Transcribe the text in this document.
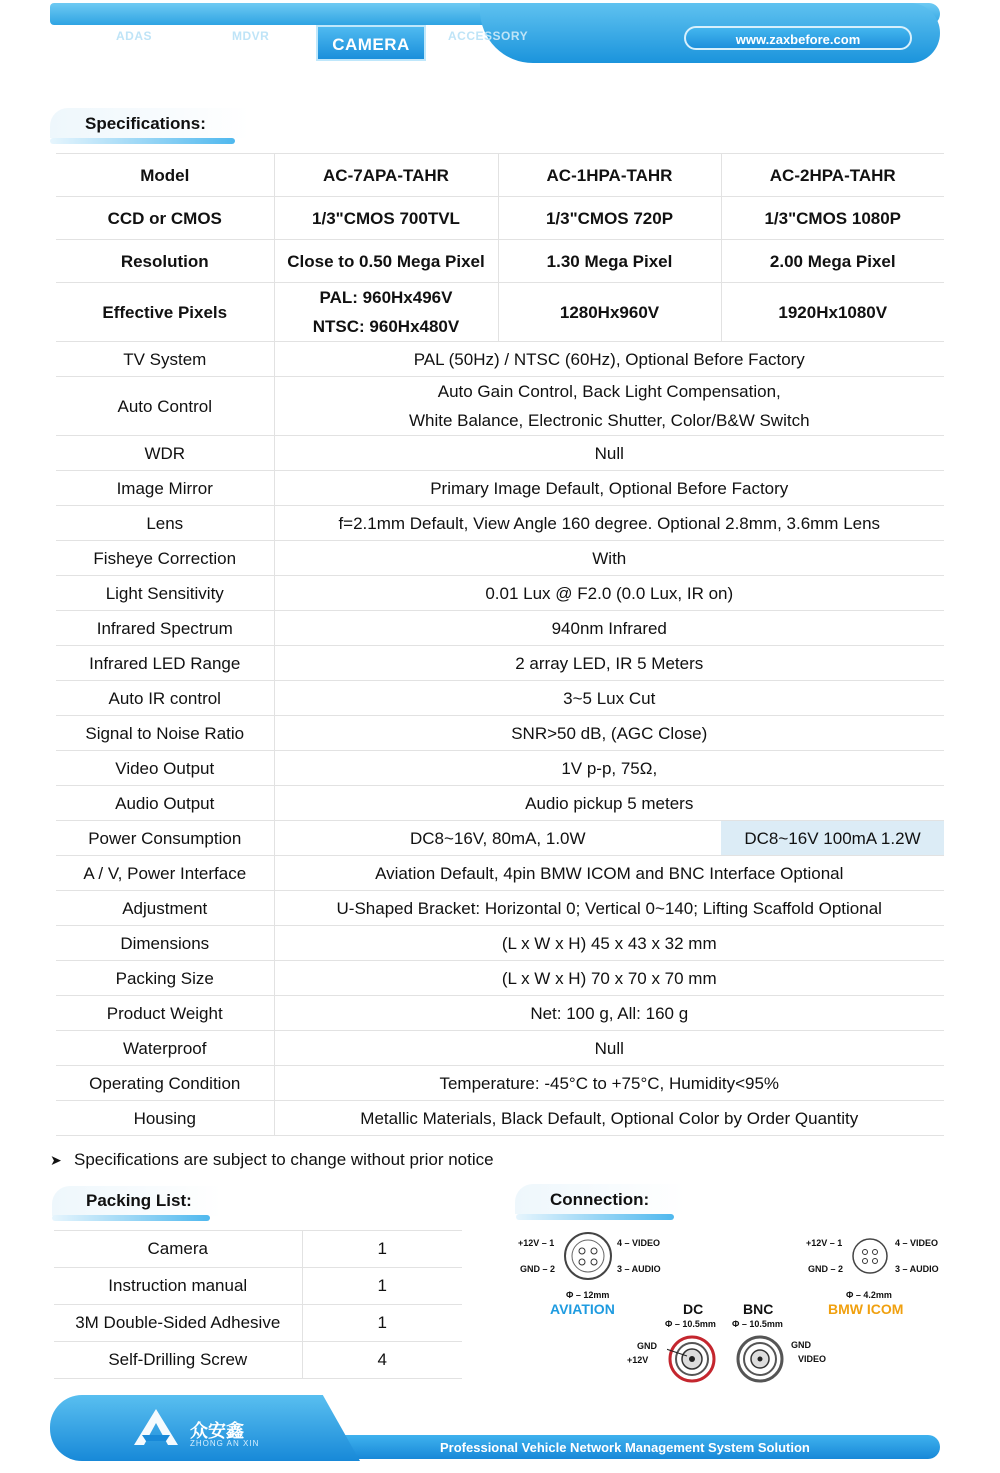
ADAS	MDVR	CAMERA	ACCESSORY	www.zaxbefore.com
Specifications:
Model	AC-7APA-TAHR	AC-1HPA-TAHR	AC-2HPA-TAHR

CCD or CMOS	1/3"CMOS 700TVL	1/3"CMOS 720P	1/3"CMOS 1080P

Resolution	Close to 0.50 Mega Pixel	1.30 Mega Pixel	2.00 Mega Pixel

Effective Pixels	PAL: 960Hx496V
NTSC: 960Hx480V	1280Hx960V	1920Hx1080V

TV System	PAL (50Hz) / NTSC (60Hz), Optional Before Factory		

Auto Control	Auto Gain Control, Back Light Compensation,
White Balance, Electronic Shutter, Color/B&W Switch		

WDR	Null		

Image Mirror	Primary Image Default, Optional Before Factory		

Lens	f=2.1mm Default, View Angle 160 degree. Optional 2.8mm, 3.6mm Lens		

Fisheye Correction	With		

Light Sensitivity	0.01 Lux @ F2.0 (0.0 Lux, IR on)		

Infrared Spectrum	940nm Infrared		

Infrared LED Range	2 array LED, IR 5 Meters		

Auto IR control	3~5 Lux Cut		

Signal to Noise Ratio	SNR>50 dB, (AGC Close)		

Video Output	1V p-p, 75Ω,		

Audio Output	Audio pickup 5 meters		

Power Consumption	DC8~16V, 80mA, 1.0W		DC8~16V 100mA 1.2W
A / V, Power Interface	Aviation Default, 4pin BMW ICOM and BNC Interface Optional		

Adjustment	U-Shaped Bracket: Horizontal 0; Vertical 0~140; Lifting Scaffold Optional		

Dimensions	(L x W x H) 45 x 43 x 32 mm		

Packing Size	(L x W x H) 70 x 70 x 70 mm		

Product Weight	Net: 100 g, All: 160 g		

Waterproof	Null		

Operating Condition	Temperature: -45°C to +75°C, Humidity<95%		

Housing	Metallic Materials, Black Default, Optional Color by Order Quantity		
➤ Specifications are subject to change without prior notice
Packing List:
Camera	1
Instruction manual	1
3M Double-Sided Adhesive	1
Self-Drilling Screw	4
Connection:
+12V – 1
GND – 2
4 – VIDEO
3 – AUDIO
Φ – 12mm
AVIATION
+12V – 1
GND – 2
4 – VIDEO
3 – AUDIO
Φ – 4.2mm
BMW ICOM
DC
Φ – 10.5mm
GND
+12V
BNC
Φ – 10.5mm
GND
VIDEO
众安鑫
ZHONG AN XIN	Professional Vehicle Network Management System Solution
